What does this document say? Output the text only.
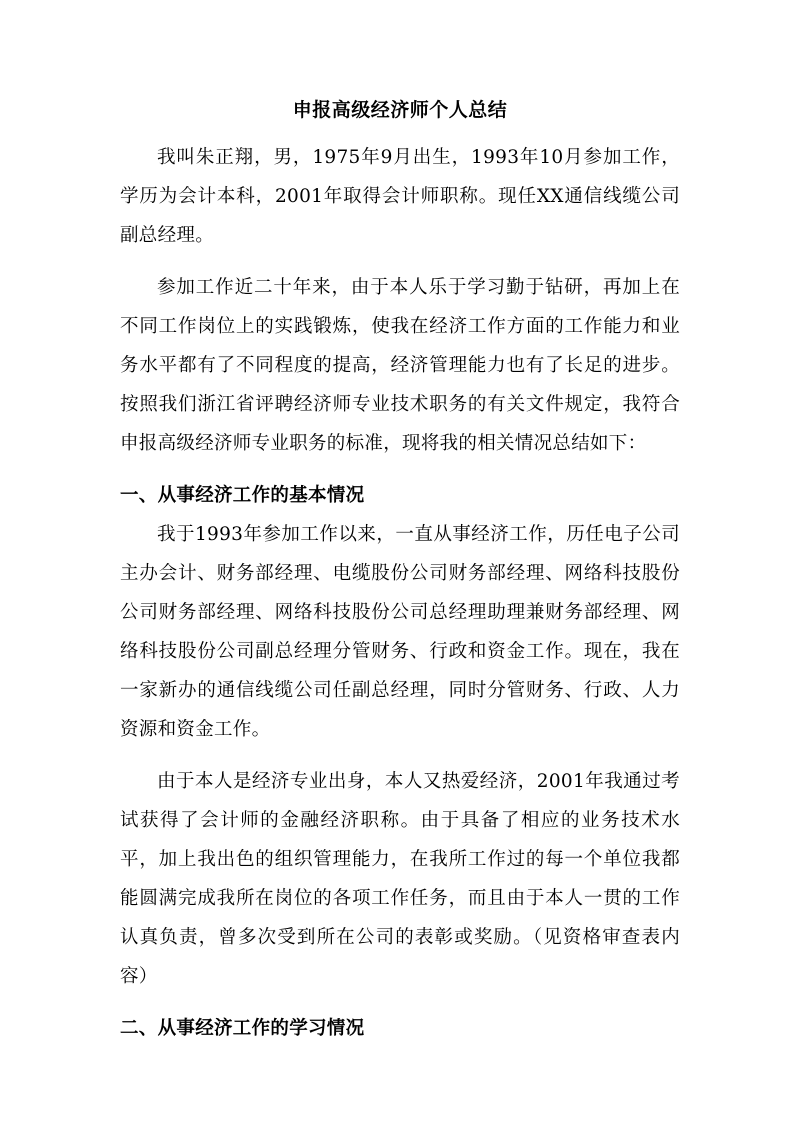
申报高级经济师个人总结

我叫朱正翔，男，1975年9月出生，1993年10月参加工作，学历为会计本科，2001年取得会计师职称。现任XX通信线缆公司副总经理。

参加工作近二十年来，由于本人乐于学习勤于钻研，再加上在不同工作岗位上的实践锻炼，使我在经济工作方面的工作能力和业务水平都有了不同程度的提高，经济管理能力也有了长足的进步。按照我们浙江省评聘经济师专业技术职务的有关文件规定，我符合申报高级经济师专业职务的标准，现将我的相关情况总结如下：

一、从事经济工作的基本情况

我于1993年参加工作以来，一直从事经济工作，历任电子公司主办会计、财务部经理、电缆股份公司财务部经理、网络科技股份公司财务部经理、网络科技股份公司总经理助理兼财务部经理、网络科技股份公司副总经理分管财务、行政和资金工作。现在，我在一家新办的通信线缆公司任副总经理，同时分管财务、行政、人力资源和资金工作。

由于本人是经济专业出身，本人又热爱经济，2001年我通过考试获得了会计师的金融经济职称。由于具备了相应的业务技术水平，加上我出色的组织管理能力，在我所工作过的每一个单位我都能圆满完成我所在岗位的各项工作任务，而且由于本人一贯的工作认真负责，曾多次受到所在公司的表彰或奖励。（见资格审查表内容）

二、从事经济工作的学习情况
